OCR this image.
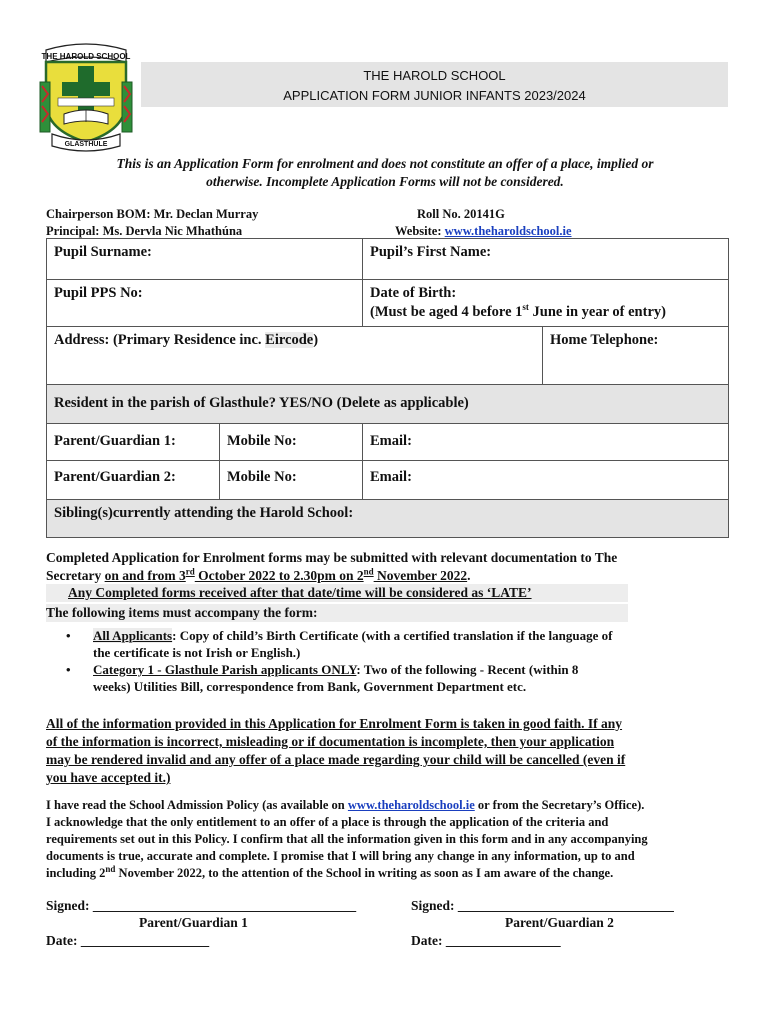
THE HAROLD SCHOOL
GLASTHULE
THE HAROLD SCHOOL
APPLICATION FORM JUNIOR INFANTS 2023/2024
This is an Application Form for enrolment and does not constitute an offer of a place, implied or
otherwise. Incomplete Application Forms will not be considered.
Chairperson BOM: Mr. Declan Murray
Principal: Ms. Dervla Nic Mhathúna
Roll No. 20141G
Website: www.theharoldschool.ie
Pupil Surname:		Pupil’s First Name:	
Pupil PPS No:		Date of Birth:
(Must be aged 4 before 1st June in year of entry)	

Address: (Primary Residence inc. Eircode)			Home Telephone:
Resident in the parish of Glasthule? YES/NO (Delete as applicable)			
Parent/Guardian 1:	Mobile No:	Email:	
Parent/Guardian 2:	Mobile No:	Email:	
Sibling(s)currently attending the Harold School:			
Completed Application for Enrolment forms may be submitted with relevant documentation to The
Secretary on and from 3rd October 2022 to 2.30pm on 2nd November 2022.
Any Completed forms received after that date/time will be considered as ‘LATE’
The following items must accompany the form:
• All Applicants: Copy of child’s Birth Certificate (with a certified translation if the language of
the certificate is not Irish or English.)
• Category 1 - Glasthule Parish applicants ONLY: Two of the following - Recent (within 8
weeks) Utilities Bill, correspondence from Bank, Government Department etc.
All of the information provided in this Application for Enrolment Form is taken in good faith. If any
of the information is incorrect, misleading or if documentation is incomplete, then your application
may be rendered invalid and any offer of a place made regarding your child will be cancelled (even if
you have accepted it.)
I have read the School Admission Policy (as available on www.theharoldschool.ie or from the Secretary’s Office).
I acknowledge that the only entitlement to an offer of a place is through the application of the criteria and
requirements set out in this Policy. I confirm that all the information given in this form and in any accompanying
documents is true, accurate and complete. I promise that I will bring any change in any information, up to and
including 2nd November 2022, to the attention of the School in writing as soon as I am aware of the change.
Signed: _______________________________________	Signed: ________________________________
Parent/Guardian 1	Parent/Guardian 2
Date: ___________________	Date: _________________
